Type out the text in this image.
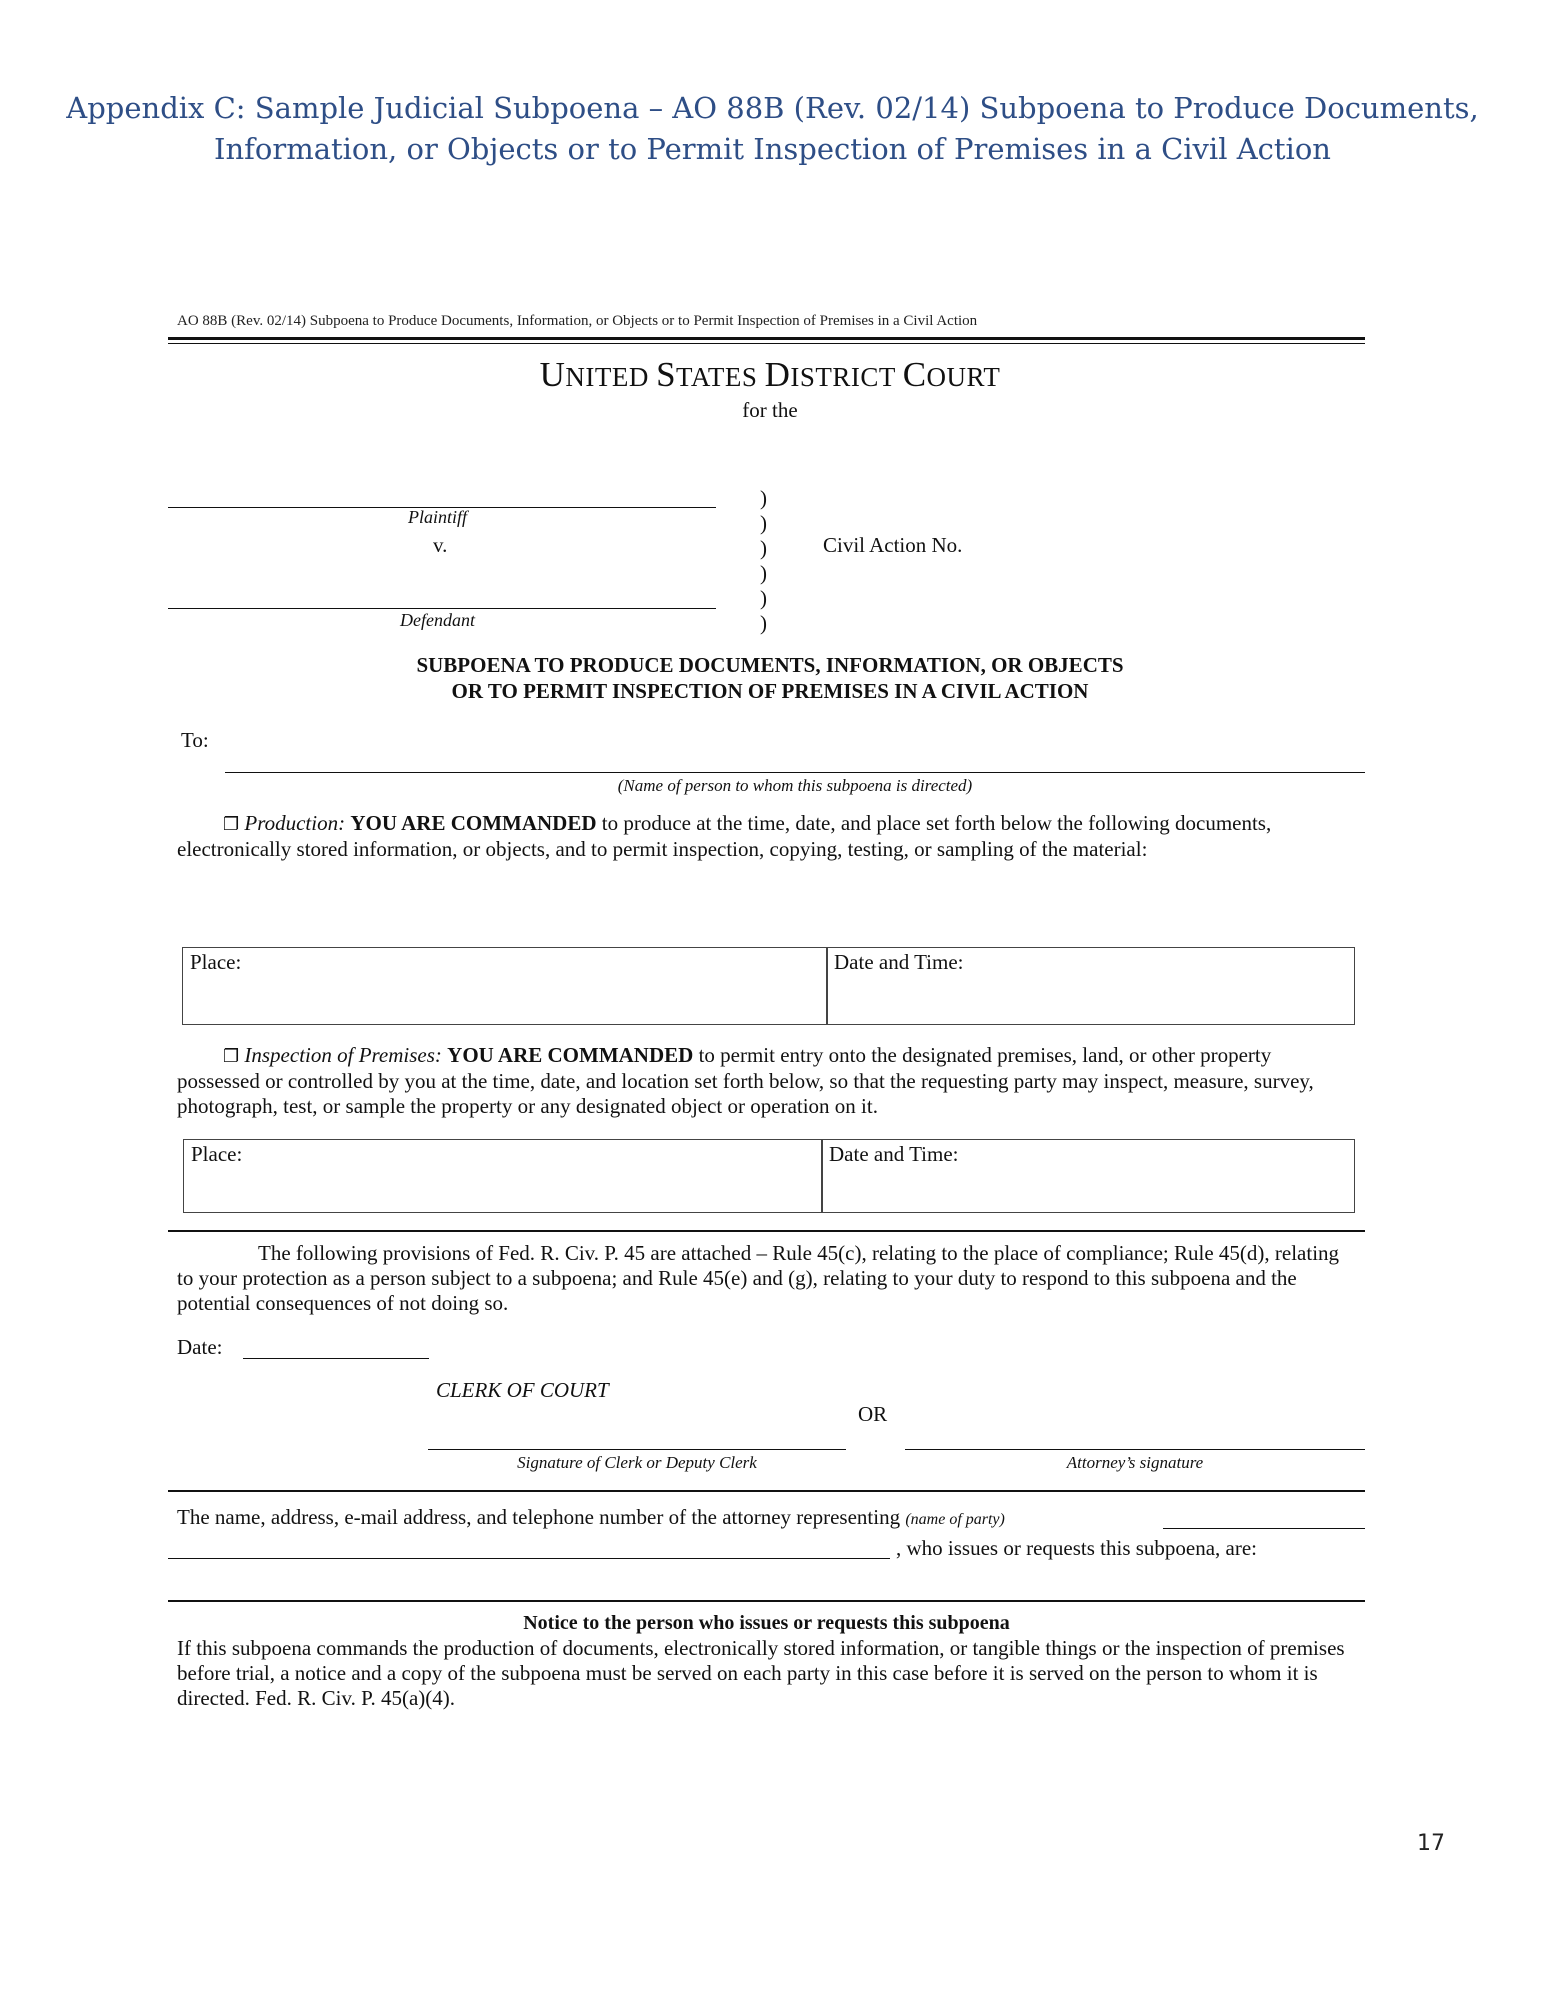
Appendix C: Sample Judicial Subpoena – AO 88B (Rev. 02/14) Subpoena to Produce Documents,
Information, or Objects or to Permit Inspection of Premises in a Civil Action
AO 88B (Rev. 02/14) Subpoena to Produce Documents, Information, or Objects or to Permit Inspection of Premises in a Civil Action
UNITED STATES DISTRICT COURT
for the
Plaintiff
v.
Defendant
)
)
)
)
)
)
Civil Action No.
SUBPOENA TO PRODUCE DOCUMENTS, INFORMATION, OR OBJECTS
OR TO PERMIT INSPECTION OF PREMISES IN A CIVIL ACTION
To:
(Name of person to whom this subpoena is directed)
❐ Production: YOU ARE COMMANDED to produce at the time, date, and place set forth below the following documents, electronically stored information, or objects, and to permit inspection, copying, testing, or sampling of the material:
Place:	Date and Time:
❐ Inspection of Premises: YOU ARE COMMANDED to permit entry onto the designated premises, land, or other property possessed or controlled by you at the time, date, and location set forth below, so that the requesting party may inspect, measure, survey, photograph, test, or sample the property or any designated object or operation on it.
Place:	Date and Time:
The following provisions of Fed. R. Civ. P. 45 are attached – Rule 45(c), relating to the place of compliance; Rule 45(d), relating to your protection as a person subject to a subpoena; and Rule 45(e) and (g), relating to your duty to respond to this subpoena and the potential consequences of not doing so.
Date:
CLERK OF COURT
OR
Signature of Clerk or Deputy Clerk	Attorney’s signature
The name, address, e-mail address, and telephone number of the attorney representing (name of party)
, who issues or requests this subpoena, are:
Notice to the person who issues or requests this subpoena
If this subpoena commands the production of documents, electronically stored information, or tangible things or the inspection of premises before trial, a notice and a copy of the subpoena must be served on each party in this case before it is served on the person to whom it is directed. Fed. R. Civ. P. 45(a)(4).
17
